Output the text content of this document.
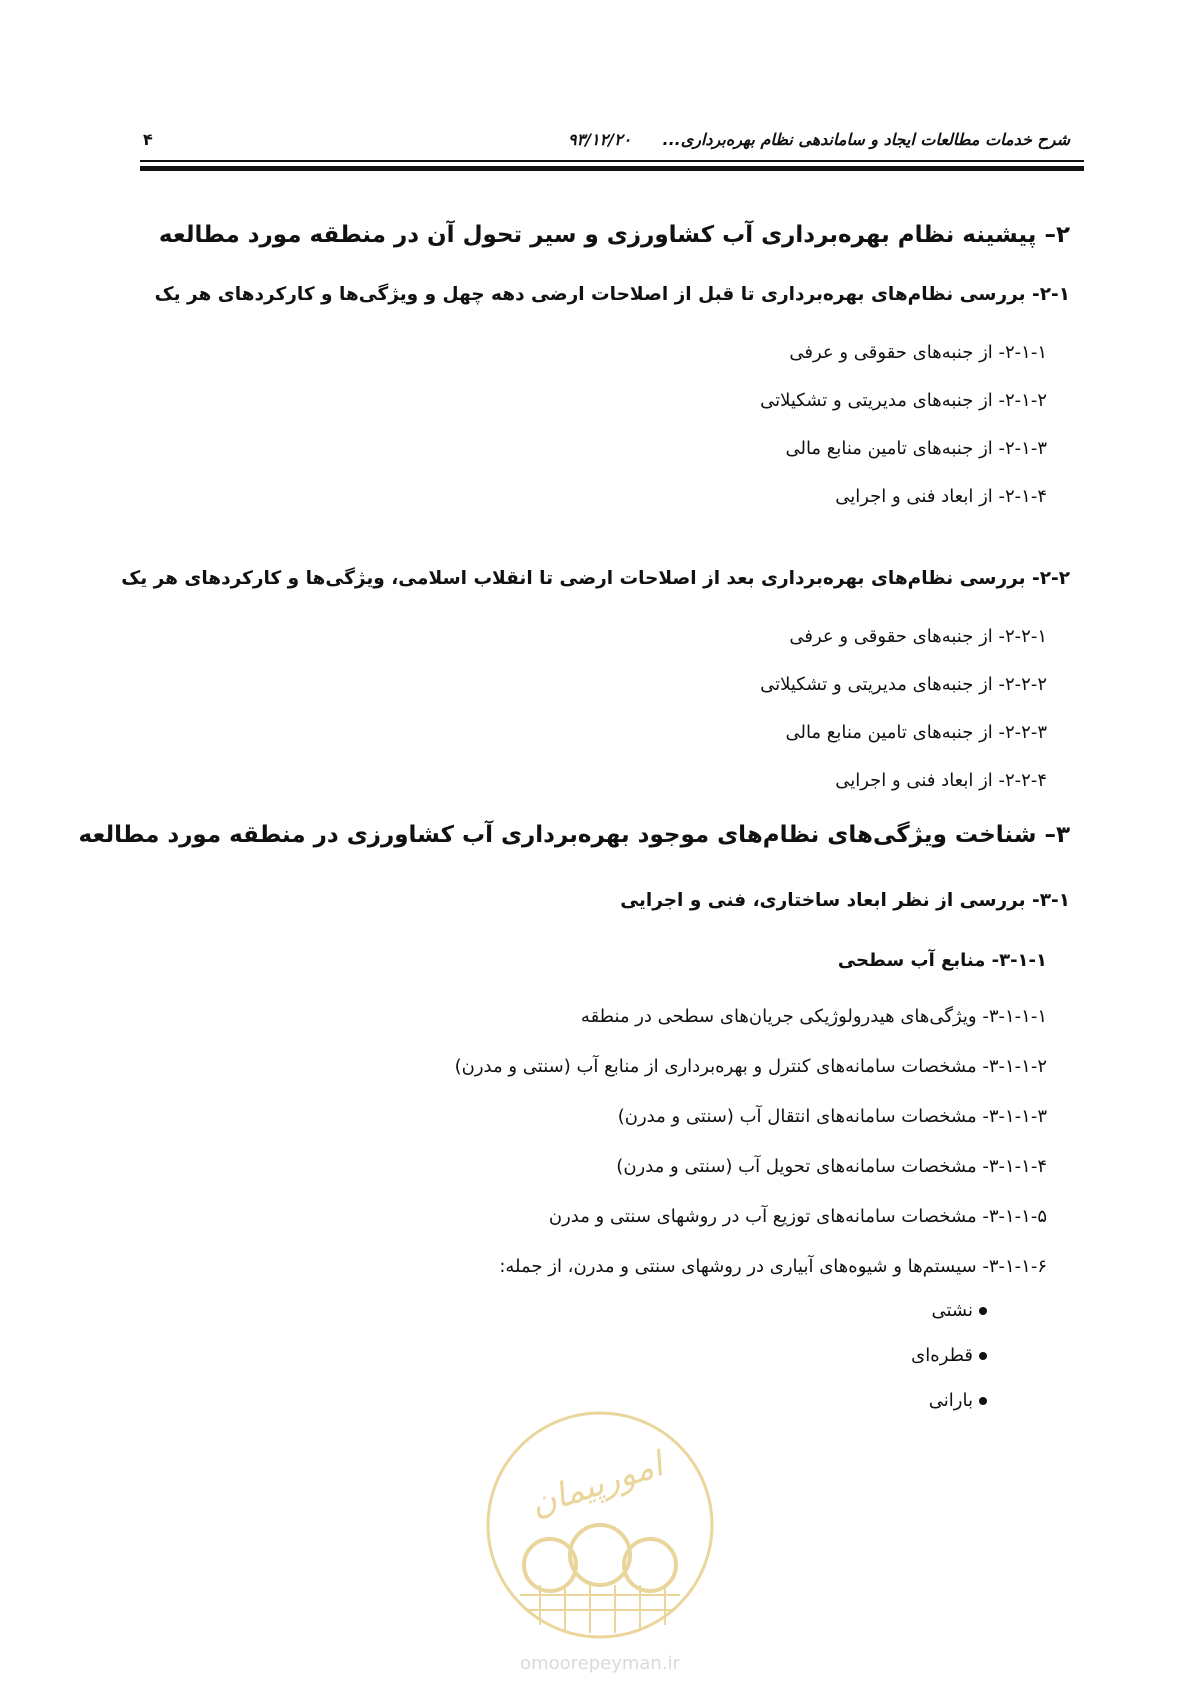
شرح خدمات مطالعات ایجاد و ساماندهی نظام بهره‌برداری...
۹۳/۱۲/۲۰
۴
۲– پیشینه نظام بهره‌برداری آب کشاورزی و سیر تحول آن در منطقه مورد مطالعه
۲-۱- بررسی نظام‌های بهره‌برداری تا قبل از اصلاحات ارضی دهه چهل و ویژگی‌ها و کارکردهای هر یک
۲-۱-۱- از جنبه‌های حقوقی و عرفی
۲-۱-۲- از جنبه‌های مدیریتی و تشکیلاتی
۲-۱-۳- از جنبه‌های تامین منابع مالی
۲-۱-۴- از ابعاد فنی و اجرایی
۲-۲- بررسی نظام‌های بهره‌برداری بعد از اصلاحات ارضی تا انقلاب اسلامی، ویژگی‌ها و کارکردهای هر یک
۲-۲-۱- از جنبه‌های حقوقی و عرفی
۲-۲-۲- از جنبه‌های مدیریتی و تشکیلاتی
۲-۲-۳- از جنبه‌های تامین منابع مالی
۲-۲-۴- از ابعاد فنی و اجرایی
۳– شناخت ویژگی‌های نظام‌های موجود بهره‌برداری آب کشاورزی در منطقه مورد مطالعه
۳-۱- بررسی از نظر ابعاد ساختاری، فنی و اجرایی
۳-۱-۱- منابع آب سطحی
۳-۱-۱-۱- ویژگی‌های هیدرولوژیکی جریان‌های سطحی در منطقه
۳-۱-۱-۲- مشخصات سامانه‌های کنترل و بهره‌برداری از منابع آب (سنتی و مدرن)
۳-۱-۱-۳- مشخصات سامانه‌های انتقال آب (سنتی و مدرن)
۳-۱-۱-۴- مشخصات سامانه‌های تحویل آب (سنتی و مدرن)
۳-۱-۱-۵- مشخصات سامانه‌های توزیع آب در روشهای سنتی و مدرن
۳-۱-۱-۶- سیستم‌ها و شیوه‌های آبیاری در روشهای سنتی و مدرن، از جمله:
نشتی
قطره‌ای
بارانی
امورپیمان
omoorepeyman.ir
